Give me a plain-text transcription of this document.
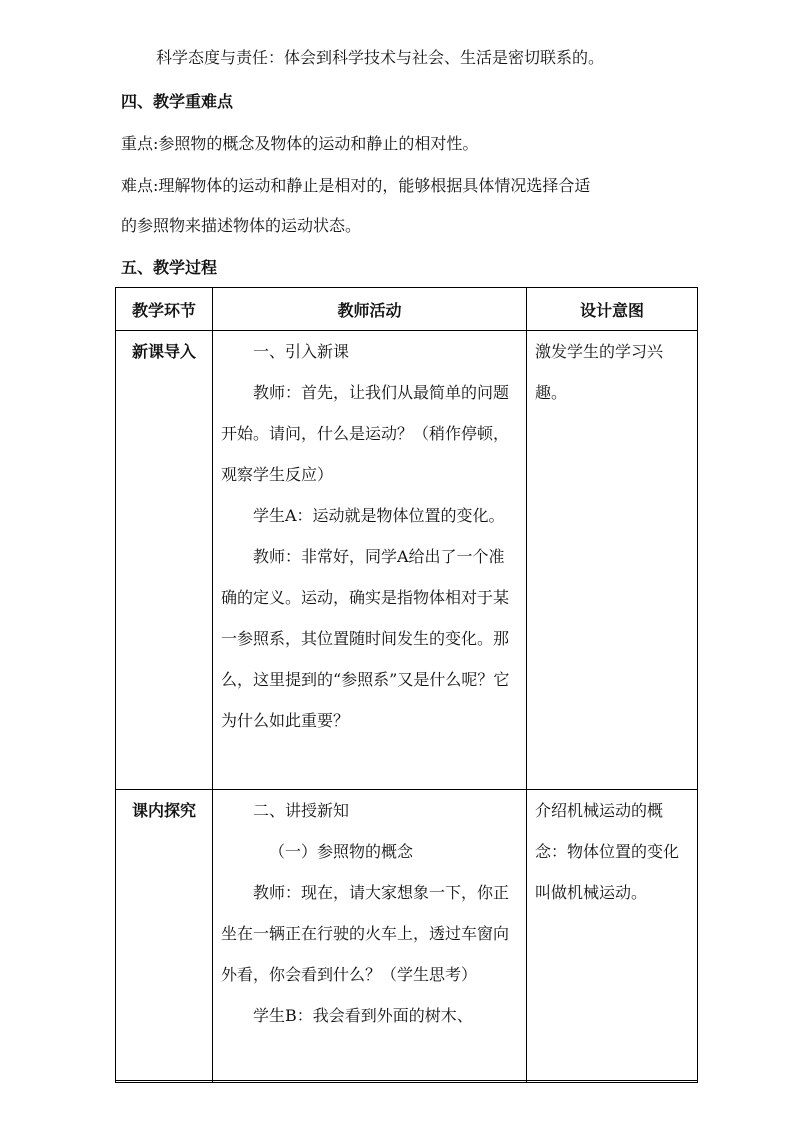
科学态度与责任：体会到科学技术与社会、生活是密切联系的。
四、教学重难点
重点:参照物的概念及物体的运动和静止的相对性。
难点:理解物体的运动和静止是相对的，能够根据具体情况选择合适
的参照物来描述物体的运动状态。
五、教学过程
教学环节	教师活动	设计意图
新课导入	一、引入新课
教师：首先，让我们从最简单的问题开始。请问，什么是运动？（稍作停顿，观察学生反应）
学生A：运动就是物体位置的变化。
教师：非常好，同学A给出了一个准确的定义。运动，确实是指物体相对于某一参照系，其位置随时间发生的变化。那么，这里提到的“参照系”又是什么呢？它为什么如此重要？	激发学生的学习兴趣。

课内探究	二、讲授新知
（一）参照物的概念
教师：现在，请大家想象一下，你正坐在一辆正在行驶的火车上，透过车窗向外看，你会看到什么？（学生思考）
学生B：我会看到外面的树木、	介绍机械运动的概念：物体位置的变化叫做机械运动。
